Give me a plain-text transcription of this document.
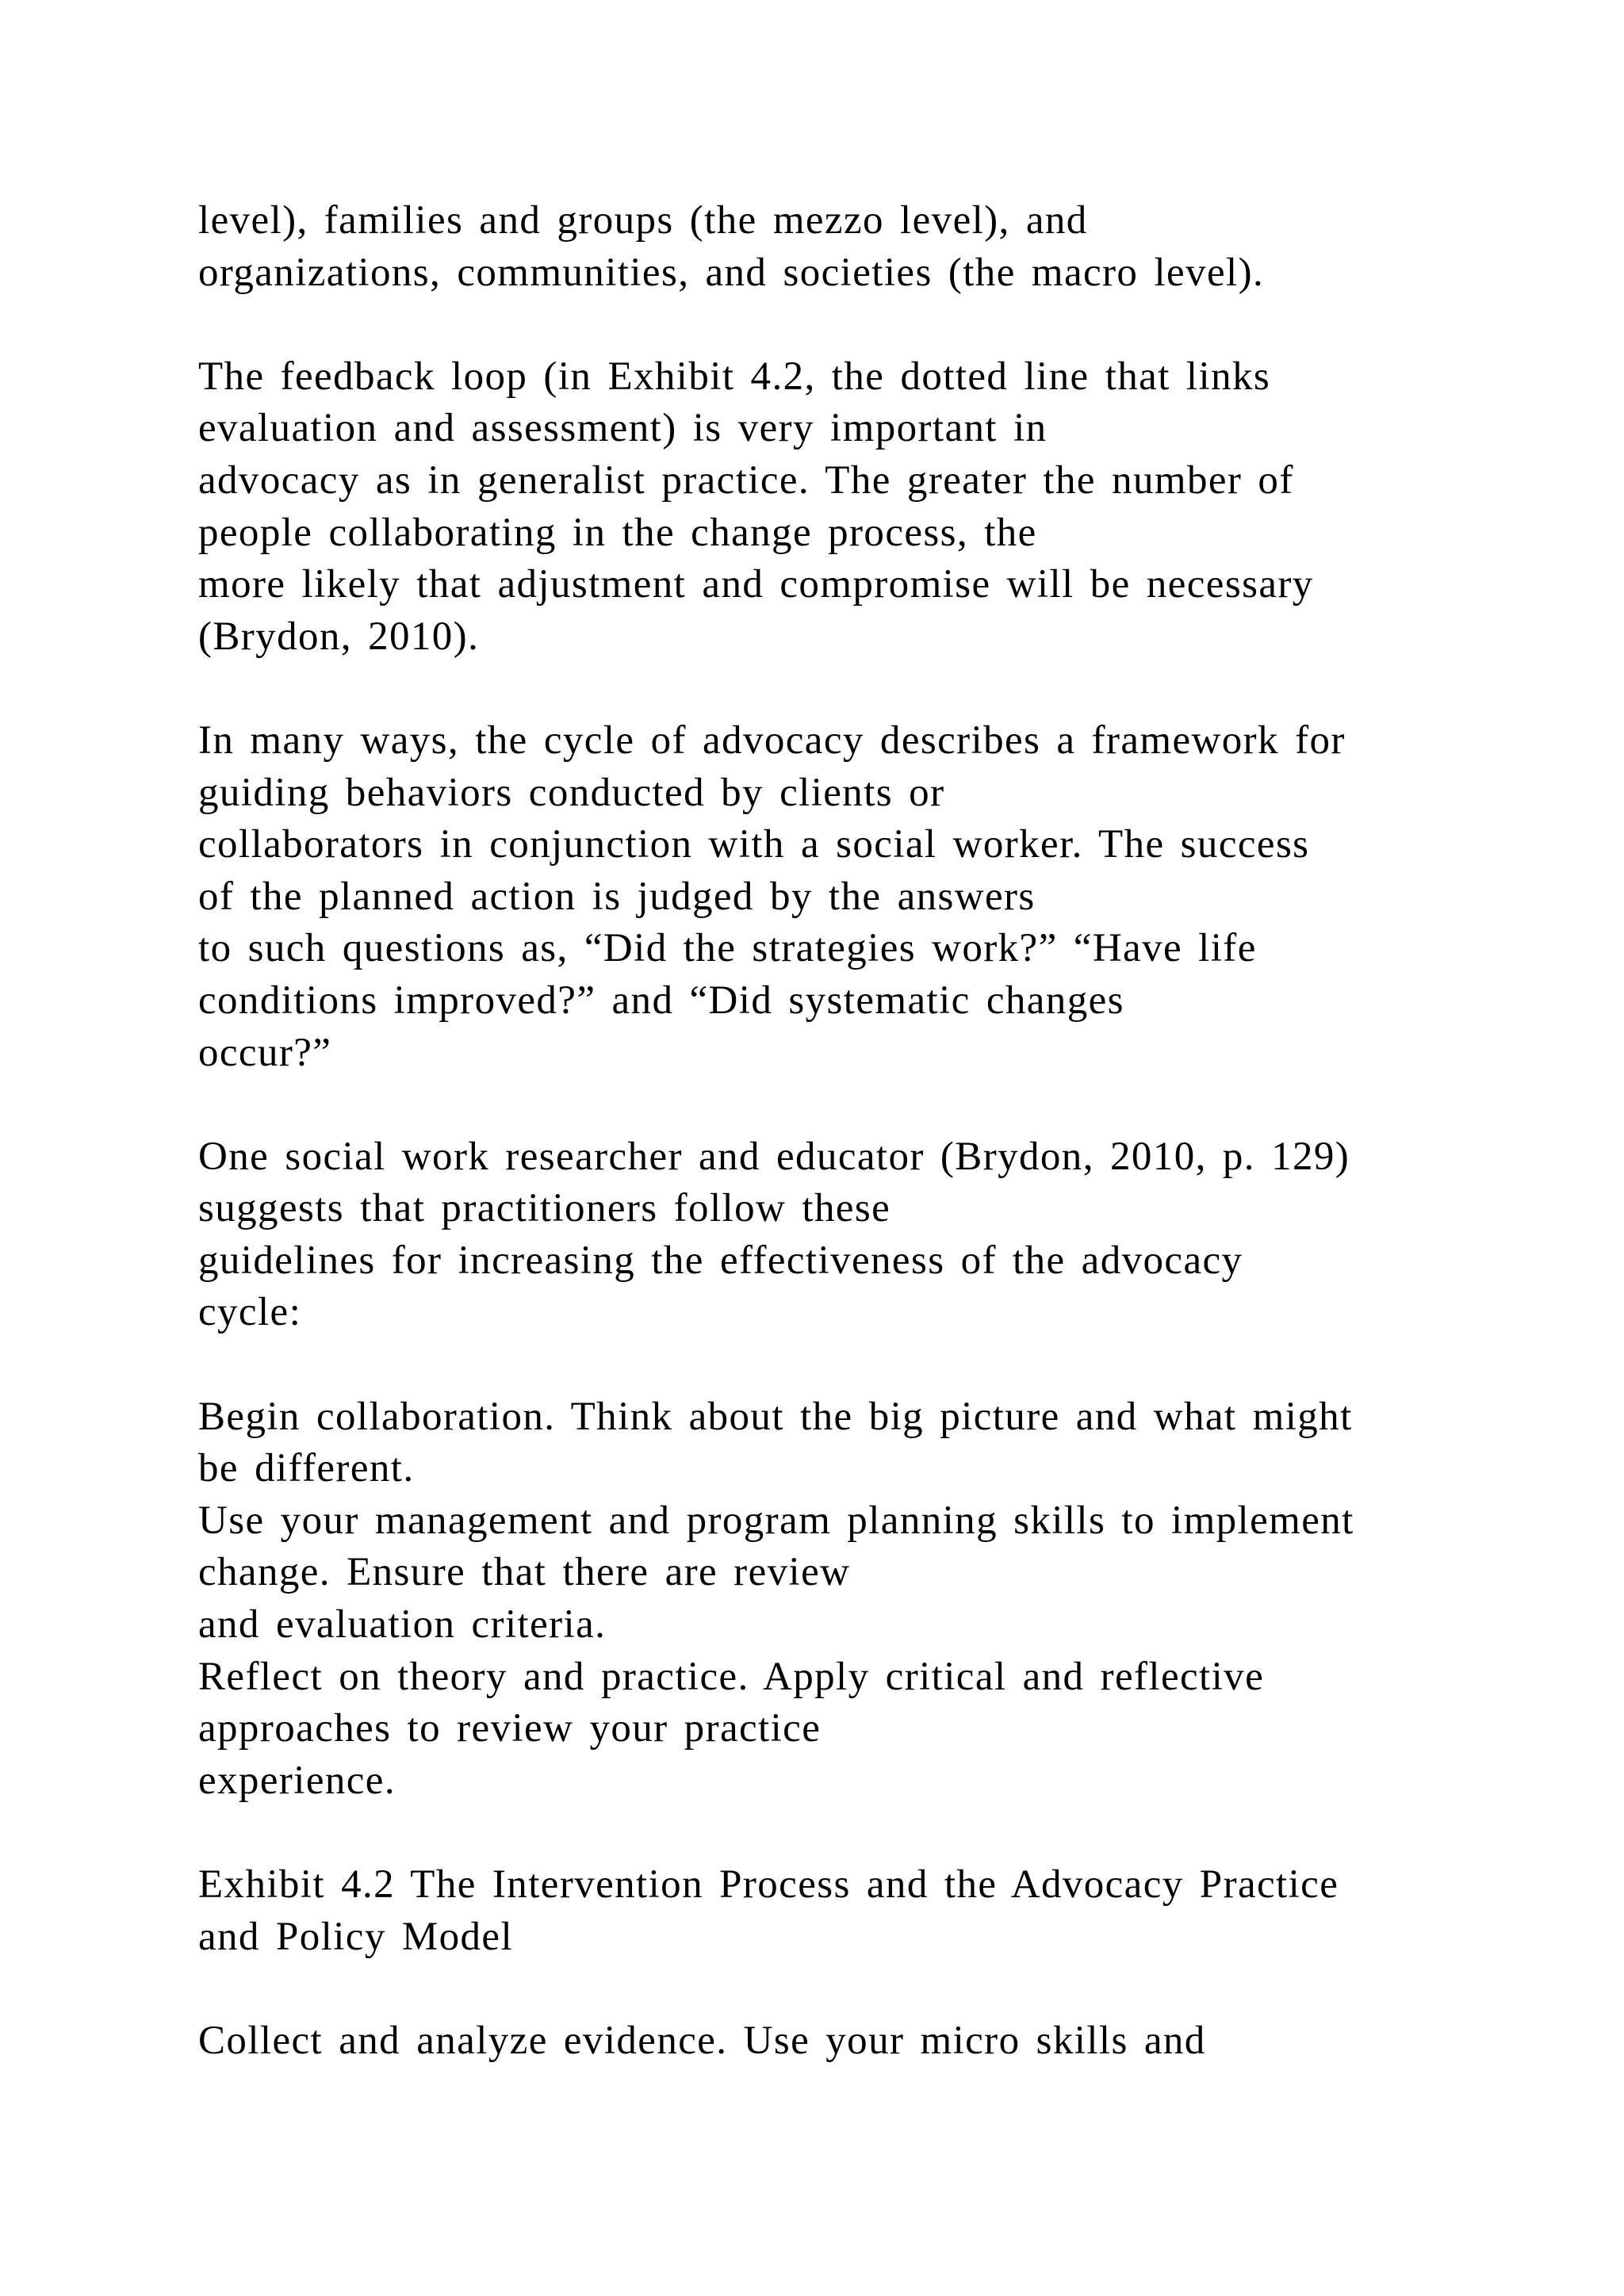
level), families and groups (the mezzo level), and
organizations, communities, and societies (the macro level).

The feedback loop (in Exhibit 4.2, the dotted line that links
evaluation and assessment) is very important in
advocacy as in generalist practice. The greater the number of
people collaborating in the change process, the
more likely that adjustment and compromise will be necessary
(Brydon, 2010).

In many ways, the cycle of advocacy describes a framework for
guiding behaviors conducted by clients or
collaborators in conjunction with a social worker. The success
of the planned action is judged by the answers
to such questions as, “Did the strategies work?” “Have life
conditions improved?” and “Did systematic changes
occur?”

One social work researcher and educator (Brydon, 2010, p. 129)
suggests that practitioners follow these
guidelines for increasing the effectiveness of the advocacy
cycle:

Begin collaboration. Think about the big picture and what might
be different.
Use your management and program planning skills to implement
change. Ensure that there are review
and evaluation criteria.
Reflect on theory and practice. Apply critical and reflective
approaches to review your practice
experience.

Exhibit 4.2 The Intervention Process and the Advocacy Practice
and Policy Model

Collect and analyze evidence. Use your micro skills and
